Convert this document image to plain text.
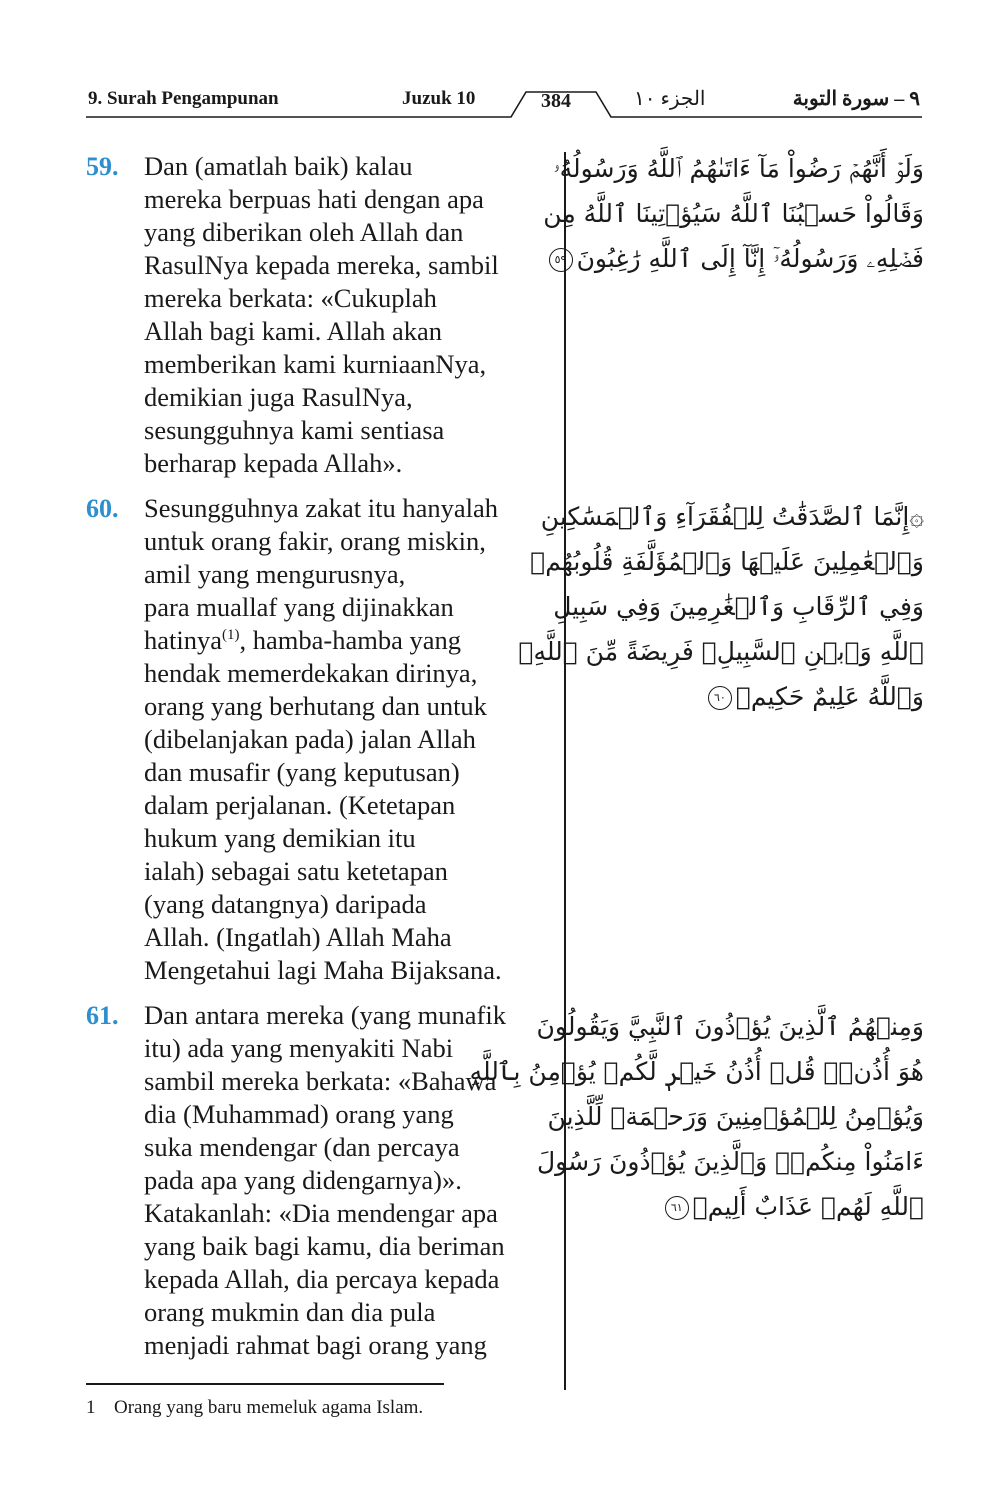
9. Surah Pengampunan	Juzuk 10	384	الجزء ١٠	٩ – سورة التوبة
59. Dan (amatlah baik) kalau
mereka berpuas hati dengan apa
yang diberikan oleh Allah dan
RasulNya kepada mereka, sambil
mereka berkata: «Cukuplah
Allah bagi kami. Allah akan
memberikan kami kurniaanNya,
demikian juga RasulNya,
sesungguhnya kami sentiasa
berharap kepada Allah».
60. Sesungguhnya zakat itu hanyalah
untuk orang fakir, orang miskin,
amil yang mengurusnya,
para muallaf yang dijinakkan
hatinya$^{(1)}$, hamba-hamba yang
hendak memerdekakan dirinya,
orang yang berhutang dan untuk
(dibelanjakan pada) jalan Allah
dan musafir (yang keputusan)
dalam perjalanan. (Ketetapan
hukum yang demikian itu
ialah) sebagai satu ketetapan
(yang datangnya) daripada
Allah. (Ingatlah) Allah Maha
Mengetahui lagi Maha Bijaksana.
61. Dan antara mereka (yang munafik
itu) ada yang menyakiti Nabi
sambil mereka berkata: «Bahawa
dia (Muhammad) orang yang
suka mendengar (dan percaya
pada apa yang didengarnya)».
Katakanlah: «Dia mendengar apa
yang baik bagi kamu, dia beriman
kepada Allah, dia percaya kepada
orang mukmin dan dia pula
menjadi rahmat bagi orang yang
وَلَوۡ أَنَّهُمۡ رَضُواْ مَآ ءَاتَىٰهُمُ ٱللَّهُ وَرَسُولُهُۥ
وَقَالُواْ حَسۡبُنَا ٱللَّهُ سَيُؤۡتِينَا ٱللَّهُ مِن
فَضۡلِهِۦ وَرَسُولُهُۥٓ إِنَّآ إِلَى ٱللَّهِ رَٰغِبُونَ٥٩
۞إِنَّمَا ٱلصَّدَقَٰتُ لِلۡفُقَرَآءِ وَٱلۡمَسَٰكِينِ
وَٱلۡعَٰمِلِينَ عَلَيۡهَا وَٱلۡمُؤَلَّفَةِ قُلُوبُهُمۡ
وَفِي ٱلرِّقَابِ وَٱلۡغَٰرِمِينَ وَفِي سَبِيلِ
ٱللَّهِ وَٱبۡنِ ٱلسَّبِيلِۖ فَرِيضَةً مِّنَ ٱللَّهِۗ
وَٱللَّهُ عَلِيمٌ حَكِيمٞ٦٠
وَمِنۡهُمُ ٱلَّذِينَ يُؤۡذُونَ ٱلنَّبِيَّ وَيَقُولُونَ
هُوَ أُذُنٞۚ قُلۡ أُذُنُ خَيۡرٖ لَّكُمۡ يُؤۡمِنُ بِٱللَّهِ
وَيُؤۡمِنُ لِلۡمُؤۡمِنِينَ وَرَحۡمَةٞ لِّلَّذِينَ
ءَامَنُواْ مِنكُمۡۚ وَٱلَّذِينَ يُؤۡذُونَ رَسُولَ
ٱللَّهِ لَهُمۡ عَذَابٌ أَلِيمٞ٦١
1 Orang yang baru memeluk agama Islam.
